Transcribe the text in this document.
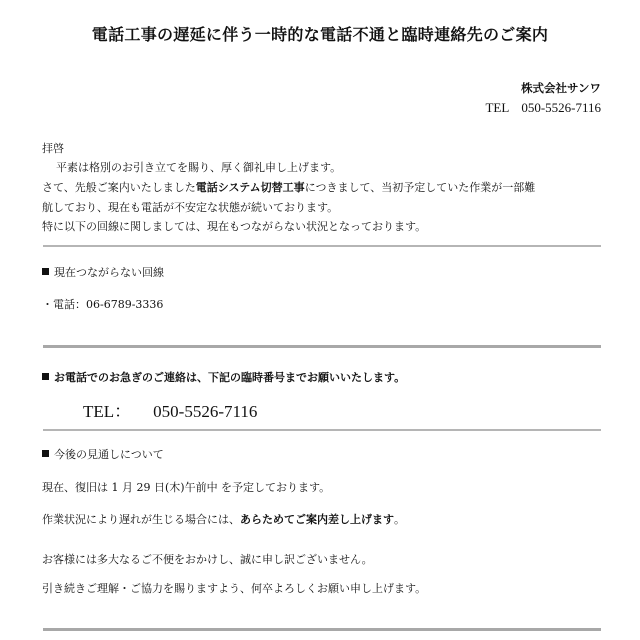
電話工事の遅延に伴う一時的な電話不通と臨時連絡先のご案内
株式会社サンワ
TEL 050-5526-7116
拝啓
平素は格別のお引き立てを賜り、厚く御礼申し上げます。
さて、先般ご案内いたしました電話システム切替工事につきまして、当初予定していた作業が一部難
航しており、現在も電話が不安定な状態が続いております。
特に以下の回線に関しましては、現在もつながらない状況となっております。
現在つながらない回線
・電話：06-6789-3336
お電話でのお急ぎのご連絡は、下記の臨時番号までお願いいたします。
TEL： 050-5526-7116
今後の見通しについて
現在、復旧は 1 月 29 日(木)午前中 を予定しております。
作業状況により遅れが生じる場合には、あらためてご案内差し上げます。
お客様には多大なるご不便をおかけし、誠に申し訳ございません。
引き続きご理解・ご協力を賜りますよう、何卒よろしくお願い申し上げます。
